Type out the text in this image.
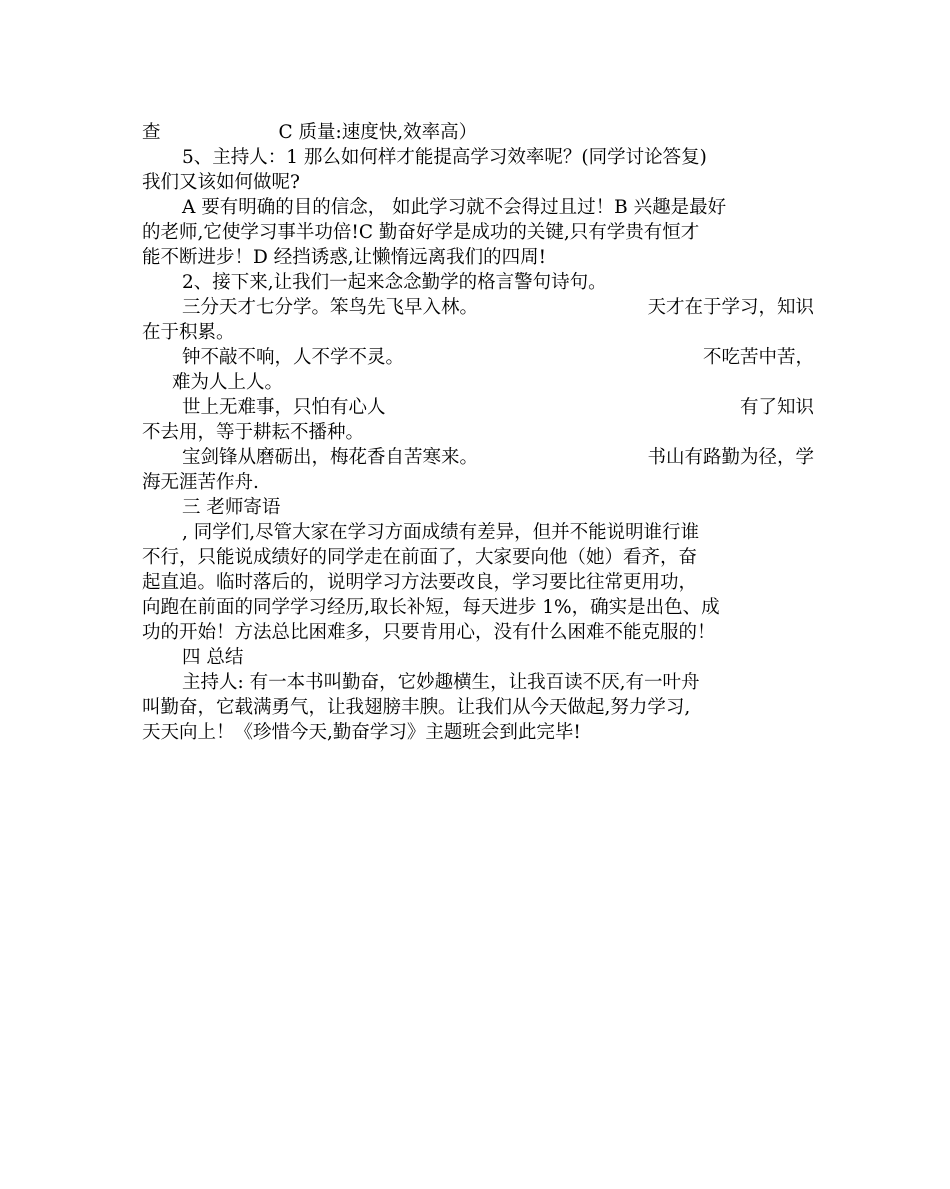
查	C 质量:速度快,效率高）
5、主持人：1 那么如何样才能提高学习效率呢？(同学讨论答复)
我们又该如何做呢?
A 要有明确的目的信念， 如此学习就不会得过且过！B 兴趣是最好
的老师,它使学习事半功倍!C 勤奋好学是成功的关键,只有学贵有恒才
能不断进步！D 经挡诱惑,让懒惰远离我们的四周!
2、接下来,让我们一起来念念勤学的格言警句诗句。
三分天才七分学。笨鸟先飞早入林。	天才在于学习，知识
在于积累。
钟不敲不响，人不学不灵。	不吃苦中苦，
难为人上人。
世上无难事，只怕有心人	有了知识
不去用，等于耕耘不播种。
宝剑锋从磨砺出，梅花香自苦寒来。	书山有路勤为径，学
海无涯苦作舟.
三 老师寄语
, 同学们,尽管大家在学习方面成绩有差异，但并不能说明谁行谁
不行，只能说成绩好的同学走在前面了，大家要向他（她）看齐，奋
起直追。临时落后的，说明学习方法要改良，学习要比往常更用功，
向跑在前面的同学学习经历,取长补短，每天进步 1%，确实是出色、成
功的开始！方法总比困难多，只要肯用心，没有什么困难不能克服的！
四 总结
主持人: 有一本书叫勤奋，它妙趣横生，让我百读不厌,有一叶舟
叫勤奋，它载满勇气，让我翅膀丰腴。让我们从今天做起,努力学习,
天天向上！《珍惜今天,勤奋学习》主题班会到此完毕!
